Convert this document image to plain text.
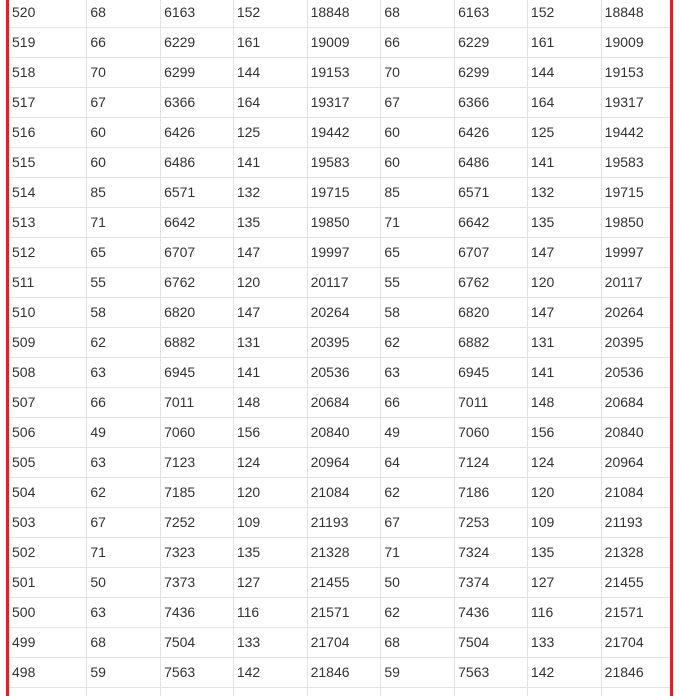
520	68	6163	152	18848	68	6163	152	18848
519	66	6229	161	19009	66	6229	161	19009
518	70	6299	144	19153	70	6299	144	19153
517	67	6366	164	19317	67	6366	164	19317
516	60	6426	125	19442	60	6426	125	19442
515	60	6486	141	19583	60	6486	141	19583
514	85	6571	132	19715	85	6571	132	19715
513	71	6642	135	19850	71	6642	135	19850
512	65	6707	147	19997	65	6707	147	19997
511	55	6762	120	20117	55	6762	120	20117
510	58	6820	147	20264	58	6820	147	20264
509	62	6882	131	20395	62	6882	131	20395
508	63	6945	141	20536	63	6945	141	20536
507	66	7011	148	20684	66	7011	148	20684
506	49	7060	156	20840	49	7060	156	20840
505	63	7123	124	20964	64	7124	124	20964
504	62	7185	120	21084	62	7186	120	21084
503	67	7252	109	21193	67	7253	109	21193
502	71	7323	135	21328	71	7324	135	21328
501	50	7373	127	21455	50	7374	127	21455
500	63	7436	116	21571	62	7436	116	21571
499	68	7504	133	21704	68	7504	133	21704
498	59	7563	142	21846	59	7563	142	21846
